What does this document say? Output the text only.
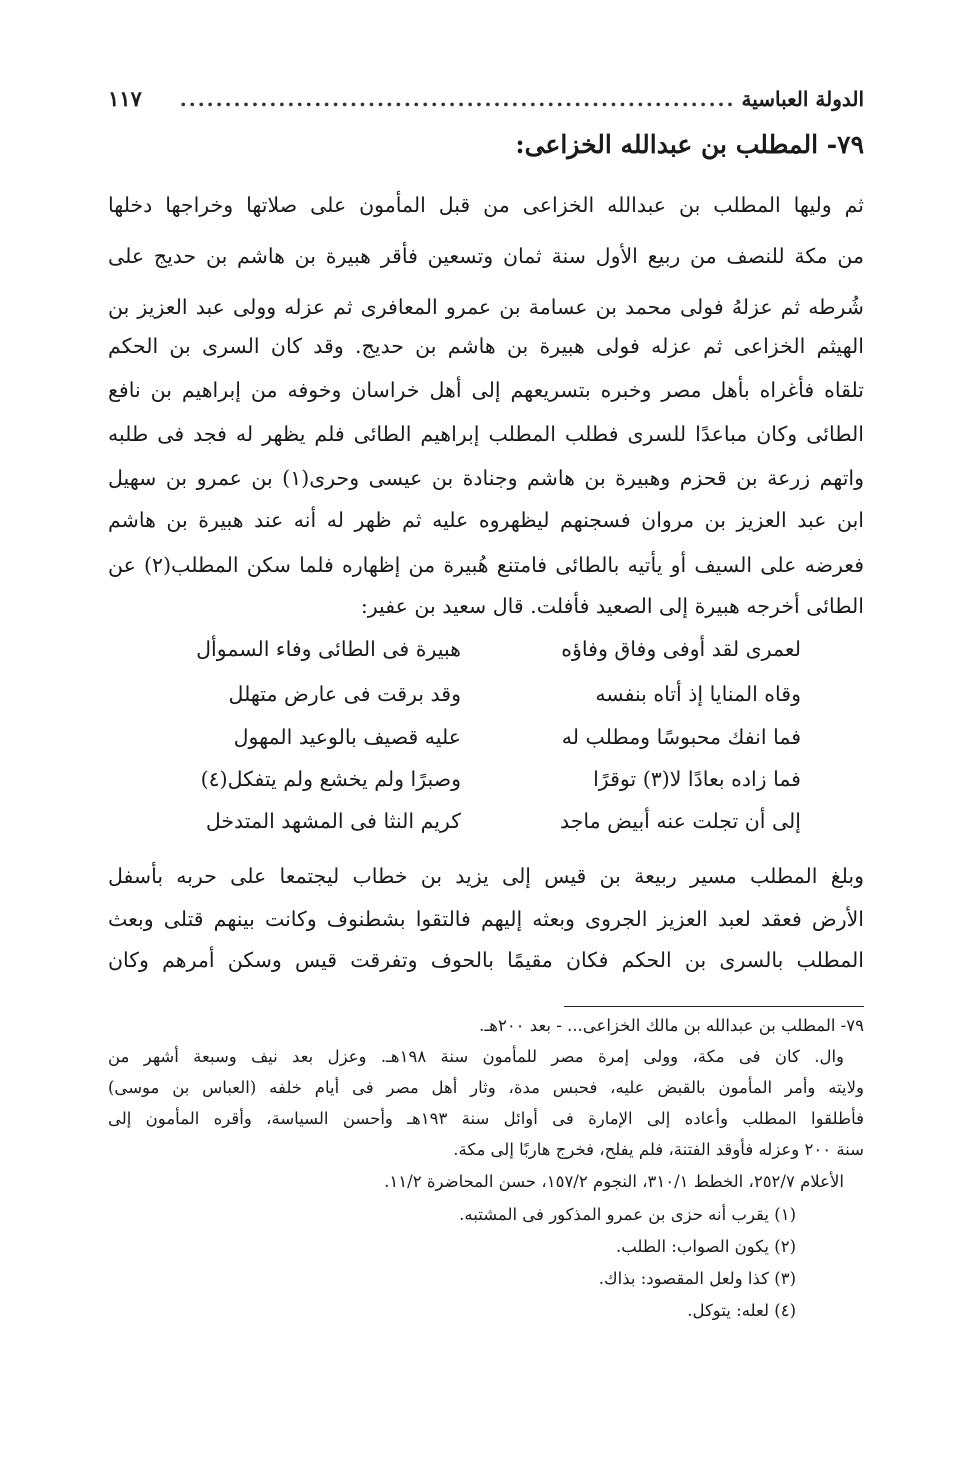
الدولة العباسية
..............................................................
١١٧
٧٩- المطلب بن عبدالله الخزاعى:
ثم وليها المطلب بن عبدالله الخزاعى من قبل المأمون على صلاتها وخراجها دخلها
من مكة للنصف من ربيع الأول سنة ثمان وتسعين فأقر هبيرة بن هاشم بن حديج على
شُرطه ثم عزلهُ فولى محمد بن عسامة بن عمرو المعافرى ثم عزله وولى عبد العزيز بن
الهيثم الخزاعى ثم عزله فولى هبيرة بن هاشم بن حديج. وقد كان السرى بن الحكم
تلقاه فأغراه بأهل مصر وخبره بتسريعهم إلى أهل خراسان وخوفه من إبراهيم بن نافع
الطائى وكان مباعدًا للسرى فطلب المطلب إبراهيم الطائى فلم يظهر له فجد فى طلبه
واتهم زرعة بن قحزم وهبيرة بن هاشم وجنادة بن عيسى وحرى(١) بن عمرو بن سهيل
ابن عبد العزيز بن مروان فسجنهم ليظهروه عليه ثم ظهر له أنه عند هبيرة بن هاشم
فعرضه على السيف أو يأتيه بالطائى فامتنع هُبيرة من إظهاره فلما سكن المطلب(٢) عن
الطائى أخرجه هبيرة إلى الصعيد فأفلت. قال سعيد بن عفير:
لعمرى لقد أوفى وفاق وفاؤه
هبيرة فى الطائى وفاء السموأل
وقاه المنايا إذ أتاه بنفسه
وقد برقت فى عارض متهلل
فما انفك محبوسًا ومطلب له
عليه قصيف بالوعيد المهول
فما زاده بعادًا لا(٣) توقرًا
وصبرًا ولم يخشع ولم يتفكل(٤)
إلى أن تجلت عنه أبيض ماجد
كريم النثا فى المشهد المتدخل
وبلغ المطلب مسير ربيعة بن قيس إلى يزيد بن خطاب ليجتمعا على حربه بأسفل
الأرض فعقد لعبد العزيز الجروى وبعثه إليهم فالتقوا بشطنوف وكانت بينهم قتلى وبعث
المطلب بالسرى بن الحكم فكان مقيمًا بالحوف وتفرقت قيس وسكن أمرهم وكان
٧٩- المطلب بن عبدالله بن مالك الخزاعى... - بعد ٢٠٠هـ.
وال. كان فى مكة، وولى إمرة مصر للمأمون سنة ١٩٨هـ. وعزل بعد نيف وسبعة أشهر من
ولايته وأمر المأمون بالقبض عليه، فحبس مدة، وثار أهل مصر فى أيام خلفه (العباس بن موسى)
فأطلقوا المطلب وأعاده إلى الإمارة فى أوائل سنة ١٩٣هـ وأحسن السياسة، وأقره المأمون إلى
سنة ٢٠٠ وعزله فأوقد الفتنة، فلم يفلح، فخرج هاربًا إلى مكة.
الأعلام ٢٥٢/٧، الخطط ٣١٠/١، النجوم ١٥٧/٢، حسن المحاضرة ١١/٢.
(١) يقرب أنه حزى بن عمرو المذكور فى المشتبه.
(٢) يكون الصواب: الطلب.
(٣) كذا ولعل المقصود: بذاك.
(٤) لعله: يتوكل.
